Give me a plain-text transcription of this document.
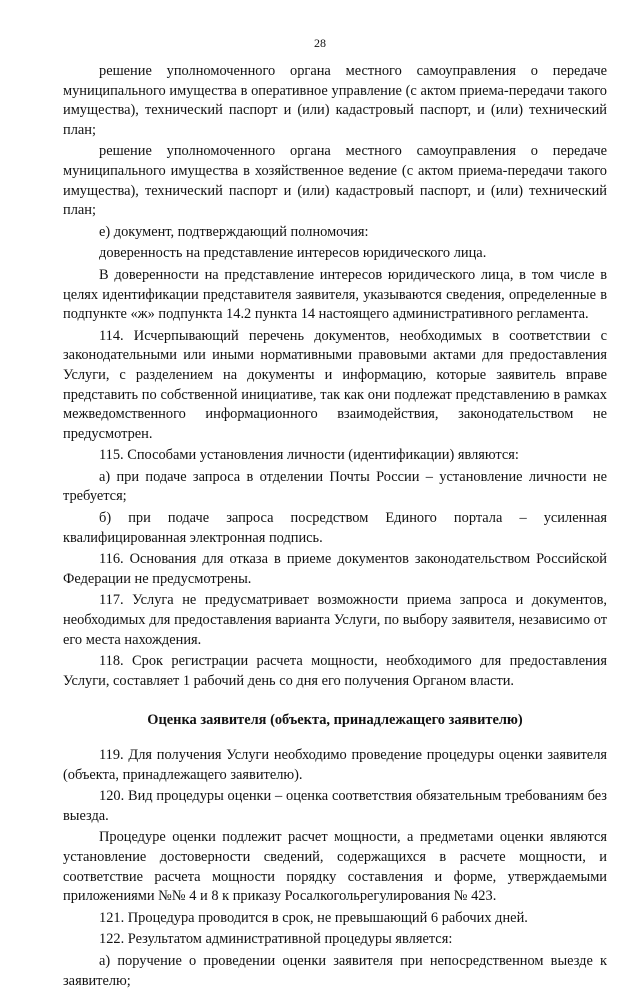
28

решение уполномоченного органа местного самоуправления о передаче муниципального имущества в оперативное управление (с актом приема-передачи такого имущества), технический паспорт и (или) кадастровый паспорт, и (или) технический план;

решение уполномоченного органа местного самоуправления о передаче муниципального имущества в хозяйственное ведение (с актом приема-передачи такого имущества), технический паспорт и (или) кадастровый паспорт, и (или) технический план;

е) документ, подтверждающий полномочия:

доверенность на представление интересов юридического лица.

В доверенности на представление интересов юридического лица, в том числе в целях идентификации представителя заявителя, указываются сведения, определенные в подпункте «ж» подпункта 14.2 пункта 14 настоящего административного регламента.

114. Исчерпывающий перечень документов, необходимых в соответствии с законодательными или иными нормативными правовыми актами для предоставления Услуги, с разделением на документы и информацию, которые заявитель вправе представить по собственной инициативе, так как они подлежат представлению в рамках межведомственного информационного взаимодействия, законодательством не предусмотрен.

115. Способами установления личности (идентификации) являются:

а) при подаче запроса в отделении Почты России – установление личности не требуется;

б) при подаче запроса посредством Единого портала – усиленная квалифицированная электронная подпись.

116. Основания для отказа в приеме документов законодательством Российской Федерации не предусмотрены.

117. Услуга не предусматривает возможности приема запроса и документов, необходимых для предоставления варианта Услуги, по выбору заявителя, независимо от его места нахождения.

118. Срок регистрации расчета мощности, необходимого для предоставления Услуги, составляет 1 рабочий день со дня его получения Органом власти.

Оценка заявителя (объекта, принадлежащего заявителю)

119. Для получения Услуги необходимо проведение процедуры оценки заявителя (объекта, принадлежащего заявителю).

120. Вид процедуры оценки – оценка соответствия обязательным требованиям без выезда.

Процедуре оценки подлежит расчет мощности, а предметами оценки являются установление достоверности сведений, содержащихся в расчете мощности, и соответствие расчета мощности порядку составления и форме, утверждаемыми приложениями №№ 4 и 8 к приказу Росалкогольрегулирования № 423.

121. Процедура проводится в срок, не превышающий 6 рабочих дней.

122. Результатом административной процедуры является:

а) поручение о проведении оценки заявителя при непосредственном выезде к заявителю;
